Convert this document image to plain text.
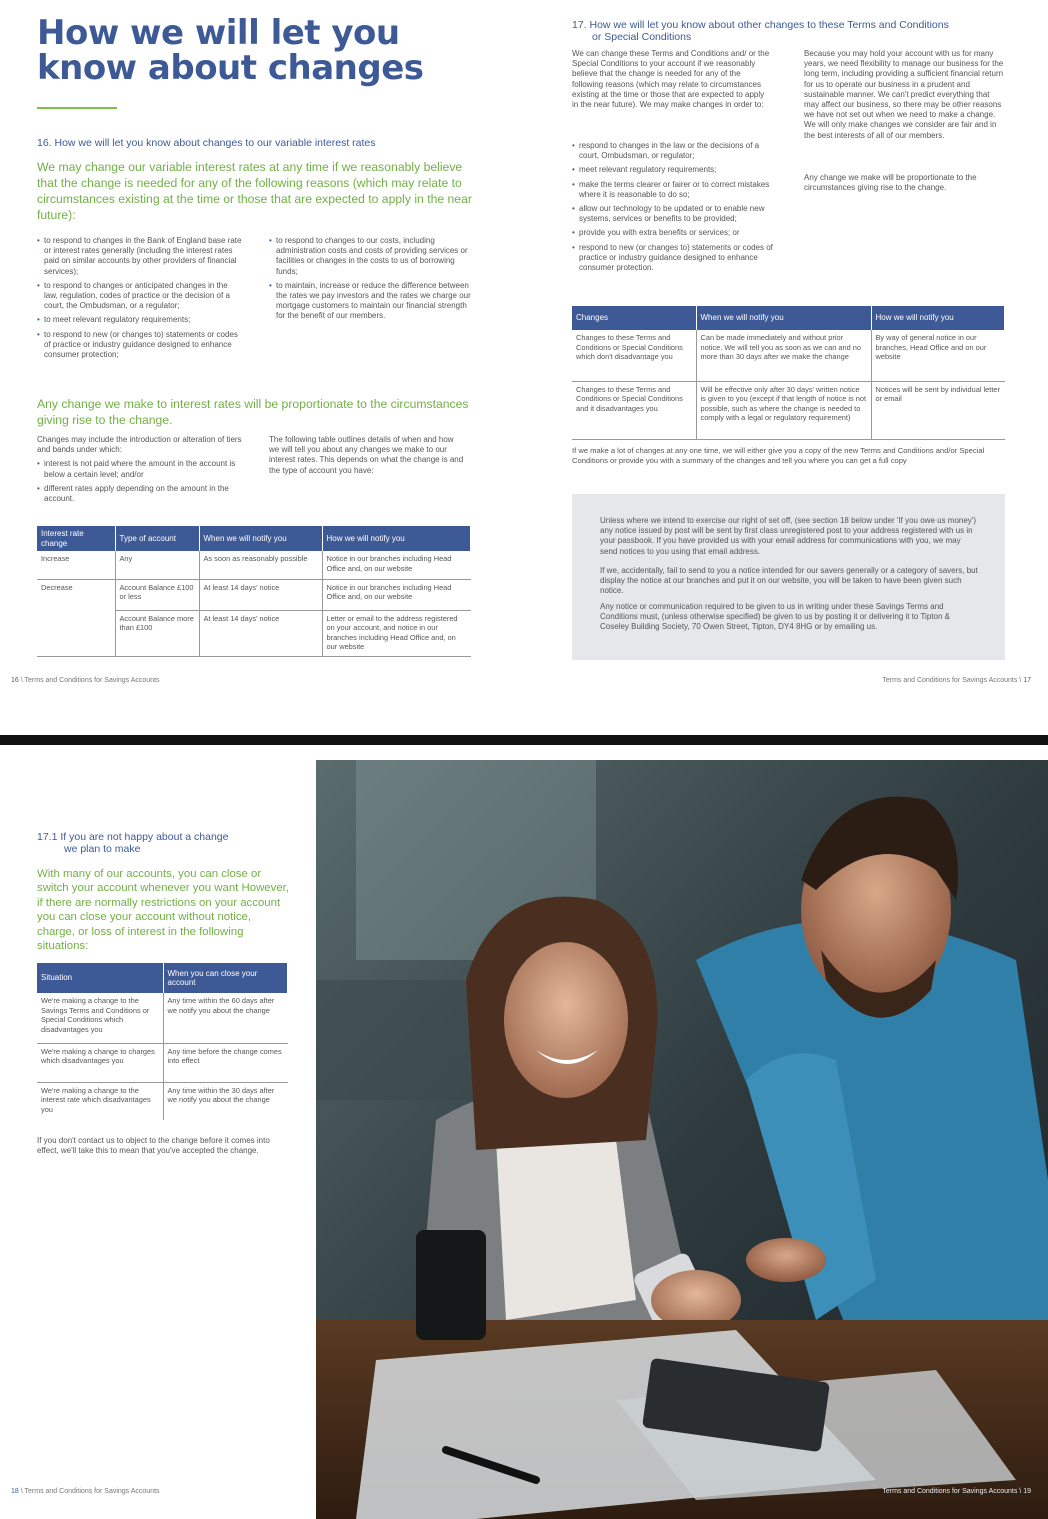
How we will let you
know about changes
16. How we will let you know about changes to our variable interest rates
We may change our variable interest rates at any time if we reasonably believe that the change is needed for any of the following reasons (which may relate to circumstances existing at the time or those that are expected to apply in the near future):
• to respond to changes in the Bank of England base rate or interest rates generally (including the interest rates paid on similar accounts by other providers of financial services);
• to respond to changes or anticipated changes in the law, regulation, codes of practice or the decision of a court, the Ombudsman, or a regulator;
• to meet relevant regulatory requirements;
• to respond to new (or changes to) statements or codes of practice or industry guidance designed to enhance consumer protection;
• to respond to changes to our costs, including administration costs and costs of providing services or facilities or changes in the costs to us of borrowing funds;
• to maintain, increase or reduce the difference between the rates we pay investors and the rates we charge our mortgage customers to maintain our financial strength for the benefit of our members.
Any change we make to interest rates will be proportionate to the circumstances giving rise to the change.
Changes may include the introduction or alteration of tiers and bands under which:
• interest is not paid where the amount in the account is below a certain level; and/or
• different rates apply depending on the amount in the account.
The following table outlines details of when and how we will tell you about any changes we make to our interest rates. This depends on what the change is and the type of account you have:
Interest rate change	Type of account	When we will notify you	How we will notify you
Increase	Any	As soon as reasonably possible	Notice in our branches including Head Office and, on our website
Decrease	Account Balance £100 or less	At least 14 days' notice	Notice in our branches including Head Office and, on our website
	Account Balance more than £100	At least 14 days' notice	Letter or email to the address registered on your account, and notice in our branches including Head Office and, on our website
16 \ Terms and Conditions for Savings Accounts
17. How we will let you know about other changes to these Terms and Conditions
or Special Conditions
We can change these Terms and Conditions and/ or the Special Conditions to your account if we reasonably believe that the change is needed for any of the following reasons (which may relate to circumstances existing at the time or those that are expected to apply in the near future). We may make changes in order to:
• respond to changes in the law or the decisions of a court, Ombudsman, or regulator;
• meet relevant regulatory requirements;
• make the terms clearer or fairer or to correct mistakes where it is reasonable to do so;
• allow our technology to be updated or to enable new systems, services or benefits to be provided;
• provide you with extra benefits or services; or
• respond to new (or changes to) statements or codes of practice or industry guidance designed to enhance consumer protection.
Because you may hold your account with us for many years, we need flexibility to manage our business for the long term, including providing a sufficient financial return for us to operate our business in a prudent and sustainable manner. We can't predict everything that may affect our business, so there may be other reasons we have not set out when we need to make a change. We will only make changes we consider are fair and in the best interests of all of our members.
Any change we make will be proportionate to the circumstances giving rise to the change.
Changes	When we will notify you	How we will notify you
Changes to these Terms and Conditions or Special Conditions which don't disadvantage you	Can be made immediately and without prior notice. We will tell you as soon as we can and no more than 30 days after we make the change	By way of general notice in our branches, Head Office and on our website
Changes to these Terms and Conditions or Special Conditions and it disadvantages you	Will be effective only after 30 days' written notice is given to you (except if that length of notice is not possible, such as where the change is needed to comply with a legal or regulatory requirement)	Notices will be sent by individual letter or email
If we make a lot of changes at any one time, we will either give you a copy of the new Terms and Conditions and/or Special Conditions or provide you with a summary of the changes and tell you where you can get a full copy
Unless where we intend to exercise our right of set off, (see section 18 below under 'If you owe us money') any notice issued by post will be sent by first class unregistered post to your address registered with us in your passbook. If you have provided us with your email address for communications with you, we may send notices to you using that email address.
If we, accidentally, fail to send to you a notice intended for our savers generally or a category of savers, but display the notice at our branches and put it on our website, you will be taken to have been given such notice.
Any notice or communication required to be given to us in writing under these Savings Terms and Conditions must, (unless otherwise specified) be given to us by posting it or delivering it to Tipton & Coseley Building Society, 70 Owen Street, Tipton, DY4 8HG or by emailing us.
Terms and Conditions for Savings Accounts \ 17
17.1 If you are not happy about a change
we plan to make
With many of our accounts, you can close or switch your account whenever you want However, if there are normally restrictions on your account you can close your account without notice, charge, or loss of interest in the following situations:
Situation	When you can close your account
We're making a change to the Savings Terms and Conditions or Special Conditions which disadvantages you	Any time within the 60 days after we notify you about the change
We're making a change to charges which disadvantages you	Any time before the change comes into effect
We're making a change to the interest rate which disadvantages you	Any time within the 30 days after we notify you about the change
If you don't contact us to object to the change before it comes into effect, we'll take this to mean that you've accepted the change.
18 \ Terms and Conditions for Savings Accounts	Terms and Conditions for Savings Accounts \ 19
